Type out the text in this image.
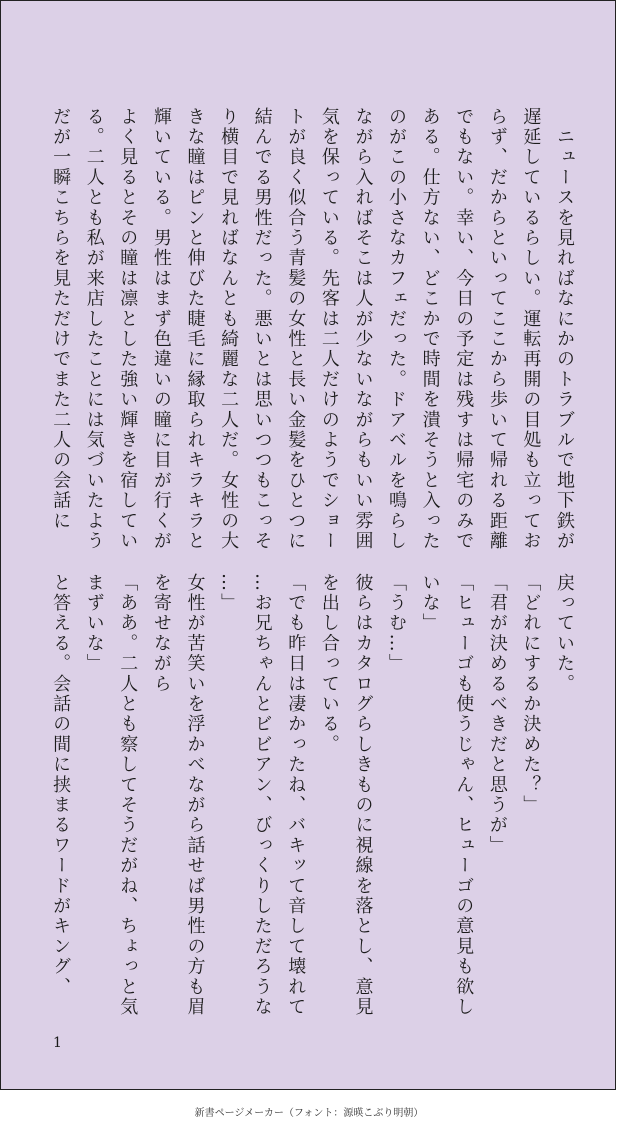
　ニュースを見ればなにかのトラブルで地下鉄が
遅延しているらしい。運転再開の目処も立ってお
らず、だからといってここから歩いて帰れる距離
でもない。幸い、今日の予定は残すは帰宅のみで
ある。仕方ない、どこかで時間を潰そうと入った
のがこの小さなカフェだった。ドアベルを鳴らし
ながら入ればそこは人が少ないながらもいい雰囲
気を保っている。先客は二人だけのようでショー
トが良く似合う青髪の女性と長い金髪をひとつに
結んでる男性だった。悪いとは思いつつもこっそ
り横目で見ればなんとも綺麗な二人だ。女性の大
きな瞳はピンと伸びた睫毛に縁取られキラキラと
輝いている。男性はまず色違いの瞳に目が行くが
よく見るとその瞳は凛とした強い輝きを宿してい
る。二人とも私が来店したことには気づいたよう
だが一瞬こちらを見ただけでまた二人の会話に
戻っていた。
「どれにするか決めた？」
「君が決めるべきだと思うが」
「ヒューゴも使うじゃん、ヒューゴの意見も欲し
いな」
「うむ…」
彼らはカタログらしきものに視線を落とし、意見
を出し合っている。
「でも昨日は凄かったね、バキッて音して壊れて
…お兄ちゃんとビビアン、びっくりしただろうな
…」
女性が苦笑いを浮かべながら話せば男性の方も眉
を寄せながら
「ああ。二人とも察してそうだがね、ちょっと気
まずいな」
と答える。会話の間に挟まるワードがキング、
1
新書ページメーカー（フォント：源暎こぶり明朝）
